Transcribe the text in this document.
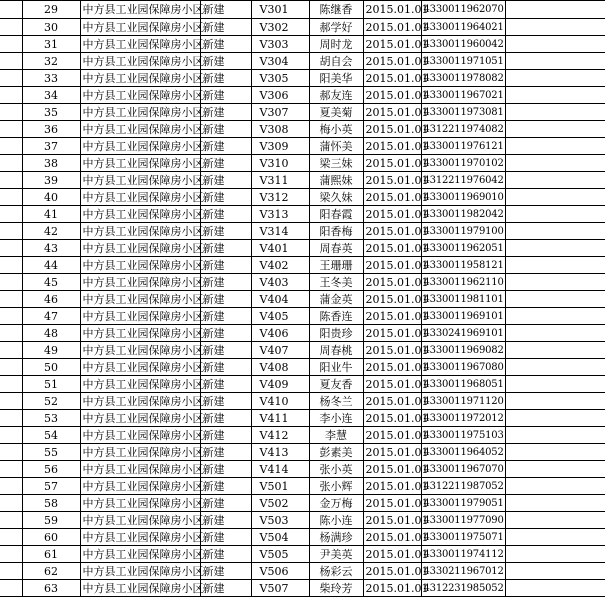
	29	中方县工业园保障房小区	新建	V301	陈继香	2015.01.01	4330011962070	
	30	中方县工业园保障房小区	新建	V302	郝学好	2015.01.01	4330011964021	
	31	中方县工业园保障房小区	新建	V303	周时龙	2015.01.01	4330011960042	
	32	中方县工业园保障房小区	新建	V304	胡自会	2015.01.01	4330011971051	
	33	中方县工业园保障房小区	新建	V305	阳美华	2015.01.01	4330011978082	
	34	中方县工业园保障房小区	新建	V306	郝友连	2015.01.01	4330011967021	
	35	中方县工业园保障房小区	新建	V307	夏美菊	2015.01.01	4330011973081	
	36	中方县工业园保障房小区	新建	V308	梅小英	2015.01.01	4312211974082	
	37	中方县工业园保障房小区	新建	V309	蒲怀美	2015.01.01	4330011976121	
	38	中方县工业园保障房小区	新建	V310	梁三妹	2015.01.01	4330011970102	
	39	中方县工业园保障房小区	新建	V311	蒲熙妹	2015.01.01	4312211976042	
	40	中方县工业园保障房小区	新建	V312	梁久妹	2015.01.01	4330011969010	
	41	中方县工业园保障房小区	新建	V313	阳春霞	2015.01.01	4330011982042	
	42	中方县工业园保障房小区	新建	V314	阳香梅	2015.01.01	4330011979100	
	43	中方县工业园保障房小区	新建	V401	周春英	2015.01.01	4330011962051	
	44	中方县工业园保障房小区	新建	V402	王珊珊	2015.01.01	4330011958121	
	45	中方县工业园保障房小区	新建	V403	王冬美	2015.01.01	4330011962110	
	46	中方县工业园保障房小区	新建	V404	蒲金英	2015.01.01	4330011981101	
	47	中方县工业园保障房小区	新建	V405	陈香连	2015.01.01	4330011969101	
	48	中方县工业园保障房小区	新建	V406	阳贵珍	2015.01.01	4330241969101	
	49	中方县工业园保障房小区	新建	V407	周春桃	2015.01.01	4330011969082	
	50	中方县工业园保障房小区	新建	V408	阳业牛	2015.01.01	4330011967080	
	51	中方县工业园保障房小区	新建	V409	夏友香	2015.01.01	4330011968051	
	52	中方县工业园保障房小区	新建	V410	杨冬兰	2015.01.01	4330011971120	
	53	中方县工业园保障房小区	新建	V411	李小连	2015.01.01	4330011972012	
	54	中方县工业园保障房小区	新建	V412	李慧	2015.01.01	4330011975103	
	55	中方县工业园保障房小区	新建	V413	彭素美	2015.01.01	4330011964052	
	56	中方县工业园保障房小区	新建	V414	张小英	2015.01.01	4330011967070	
	57	中方县工业园保障房小区	新建	V501	张小辉	2015.01.01	4312211987052	
	58	中方县工业园保障房小区	新建	V502	金万梅	2015.01.01	4330011979051	
	59	中方县工业园保障房小区	新建	V503	陈小连	2015.01.01	4330011977090	
	60	中方县工业园保障房小区	新建	V504	杨满珍	2015.01.01	4330011975071	
	61	中方县工业园保障房小区	新建	V505	尹美英	2015.01.01	4330011974112	
	62	中方县工业园保障房小区	新建	V506	杨彩云	2015.01.01	4330211967012	
	63	中方县工业园保障房小区	新建	V507	柴玲芳	2015.01.01	4312231985052	
